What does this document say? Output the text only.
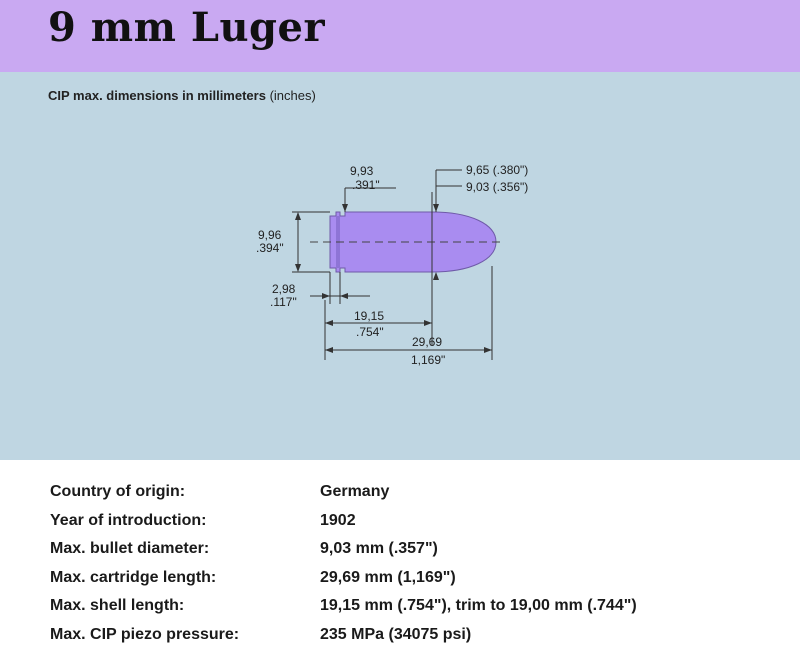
9 mm Luger
CIP max. dimensions in millimeters (inches)
9,96
.394"
9,93
.391"
9,65 (.380")
9,03 (.356")
2,98
.117"
19,15
.754"
29,69
1,169"
Country of origin:	Germany
Year of introduction:	1902
Max. bullet diameter:	9,03 mm (.357")
Max. cartridge length:	29,69 mm (1,169")
Max. shell length:	19,15 mm (.754"), trim to 19,00 mm (.744")
Max. CIP piezo pressure:	235 MPa (34075 psi)
